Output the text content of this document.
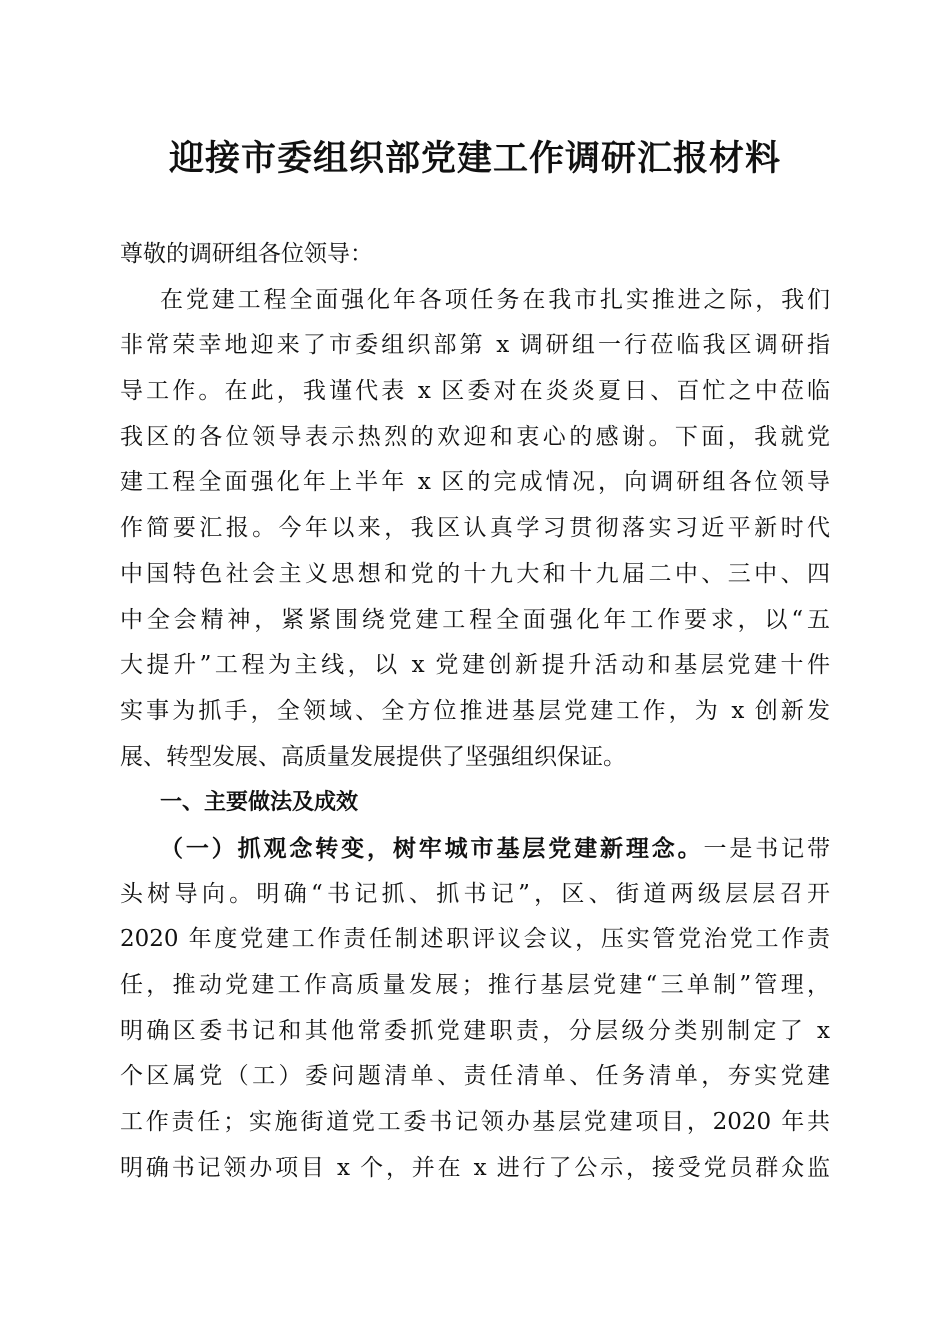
迎接市委组织部党建工作调研汇报材料
尊敬的调研组各位领导：
在党建工程全面强化年各项任务在我市扎实推进之际，我们
非常荣幸地迎来了市委组织部第 x 调研组一行莅临我区调研指
导工作。在此，我谨代表 x 区委对在炎炎夏日、百忙之中莅临
我区的各位领导表示热烈的欢迎和衷心的感谢。下面，我就党
建工程全面强化年上半年 x 区的完成情况，向调研组各位领导
作简要汇报。今年以来，我区认真学习贯彻落实习近平新时代
中国特色社会主义思想和党的十九大和十九届二中、三中、四
中全会精神，紧紧围绕党建工程全面强化年工作要求，以“五
大提升”工程为主线，以 x 党建创新提升活动和基层党建十件
实事为抓手，全领域、全方位推进基层党建工作，为 x 创新发
展、转型发展、高质量发展提供了坚强组织保证。
一、主要做法及成效
（一）抓观念转变，树牢城市基层党建新理念。一是书记带
头树导向。明确“书记抓、抓书记”，区、街道两级层层召开
2020 年度党建工作责任制述职评议会议，压实管党治党工作责
任，推动党建工作高质量发展；推行基层党建“三单制”管理，
明确区委书记和其他常委抓党建职责，分层级分类别制定了 x
个区属党（工）委问题清单、责任清单、任务清单，夯实党建
工作责任；实施街道党工委书记领办基层党建项目，2020 年共
明确书记领办项目 x 个，并在 x 进行了公示，接受党员群众监
